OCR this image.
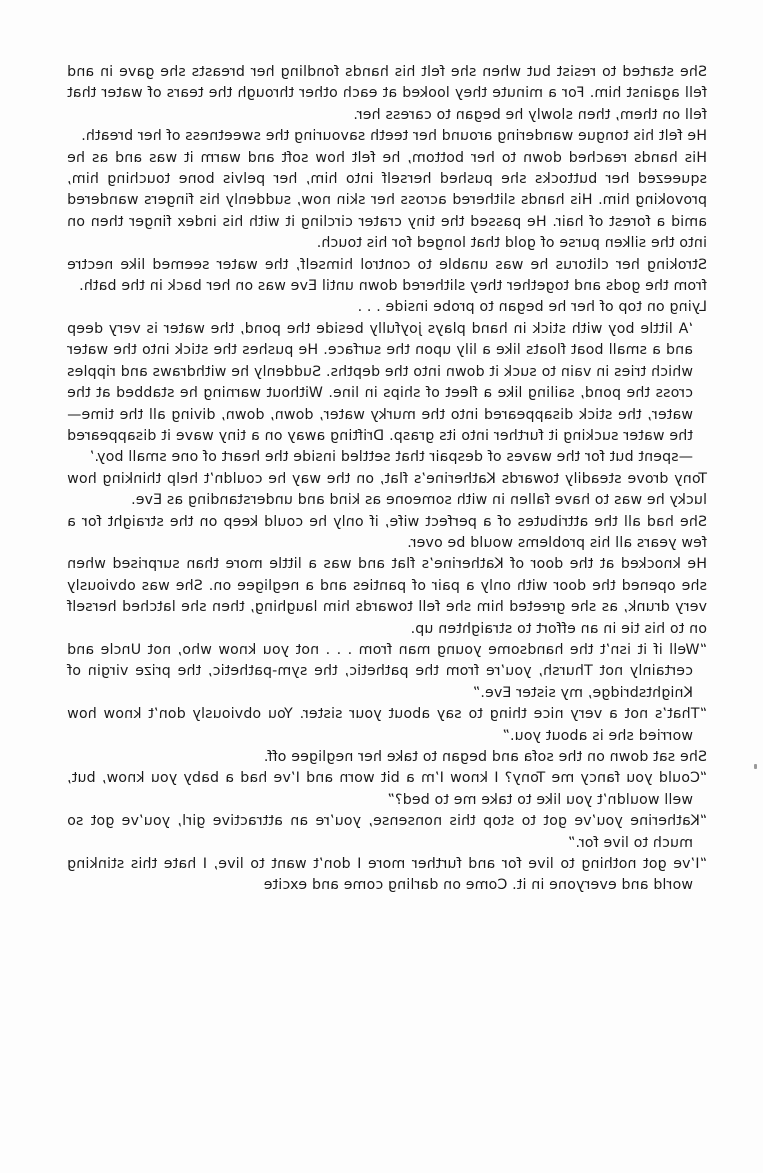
She started to resist but when she felt his hands fondling her breasts she gave in and fell against him. For a minute they looked at each other through the tears of water that fell on them, then slowly he began to caress her.

He felt his tongue wandering around her teeth savouring the sweetness of her breath.

His hands reached down to her bottom, he felt how soft and warm it was and as he squeezed her buttocks she pushed herself into him, her pelvis bone touching him, provoking him. His hands slithered across her skin now, suddenly his fingers wandered amid a forest of hair. He passed the tiny crater circling it with his index finger then on into the silken purse of gold that longed for his touch.

Stroking her clitorus he was unable to control himself, the water seemed like nectre from the gods and together they slithered down until Eve was on her back in the bath.

Lying on top of her he began to probe inside . . .

‘A little boy with stick in hand plays joyfully beside the pond, the water is very deep and a small boat floats like a lily upon the surface. He pushes the stick into the water which tries in vain to suck it down into the depths. Suddenly he withdraws and ripples cross the pond, sailing like a fleet of ships in line. Without warning he stabbed at the water, the stick disappeared into the murky water, down, down, diving all the time—the water sucking it further into its grasp. Drifting away on a tiny wave it disappeared—spent but for the waves of despair that settled inside the heart of one small boy.’

Tony drove steadily towards Katherine’s flat, on the way he couldn’t help thinking how lucky he was to have fallen in with someone as kind and understanding as Eve.

She had all the attributes of a perfect wife, if only he could keep on the straight for a few years all his problems would be over.

He knocked at the door of Katherine’s flat and was a little more than surprised when she opened the door with only a pair of panties and a negligee on. She was obviously very drunk, as she greeted him she fell towards him laughing, then she latched herself on to his tie in an effort to straighten up.

“Well if it isn’t the handsome young man from . . . not you know who, not Uncle and certainly not Thursh, you’re from the pathetic, the sym-pathetic, the prize virgin of Knightsbridge, my sister Eve.”

“That’s not a very nice thing to say about your sister. You obviously don’t know how worried she is about you.”

She sat down on the sofa and began to take her negligee off.

“Could you fancy me Tony? I know I’m a bit worn and I’ve had a baby you know, but, well wouldn’t you like to take me to bed?”

“Katherine you’ve got to stop this nonsense, you’re an attractive girl, you’ve got so much to live for.”

“I’ve got nothing to live for and further more I don’t want to live, I hate this stinking world and everyone in it. Come on darling come and excite
